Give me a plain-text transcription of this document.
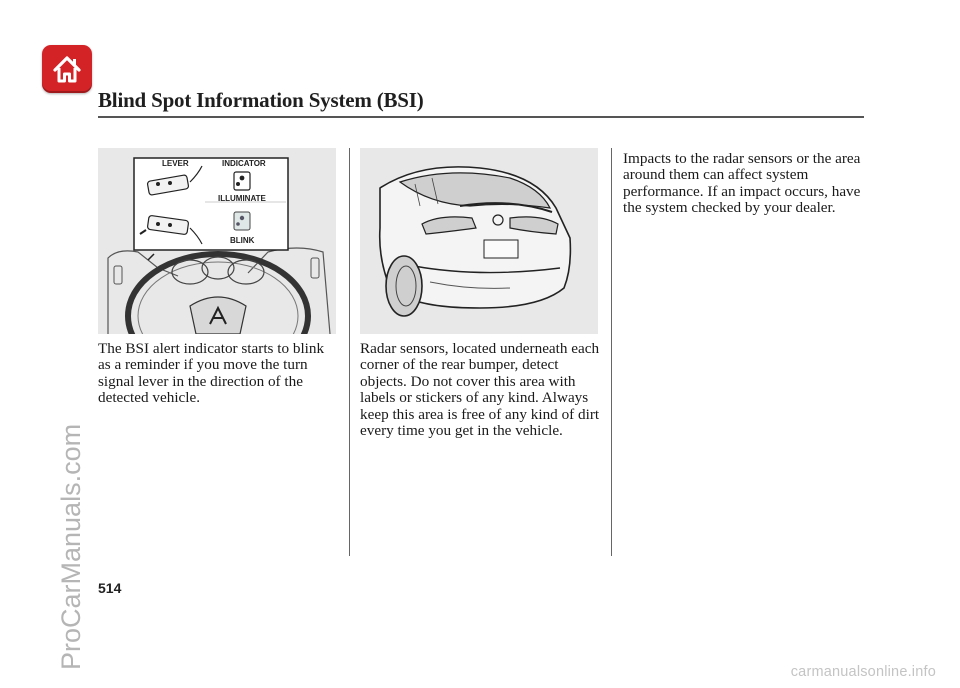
Blind Spot Information System (BSI)
LEVER	INDICATOR
ILLUMINATE
BLINK
The BSI alert indicator starts to blink as a reminder if you move the turn signal lever in the direction of the detected vehicle.
Radar sensors, located underneath each corner of the rear bumper, detect objects. Do not cover this area with labels or stickers of any kind. Always keep this area is free of any kind of dirt every time you get in the vehicle.
Impacts to the radar sensors or the area around them can affect system performance. If an impact occurs, have the system checked by your dealer.
514
ProCarManuals.com
carmanualsonline.info
